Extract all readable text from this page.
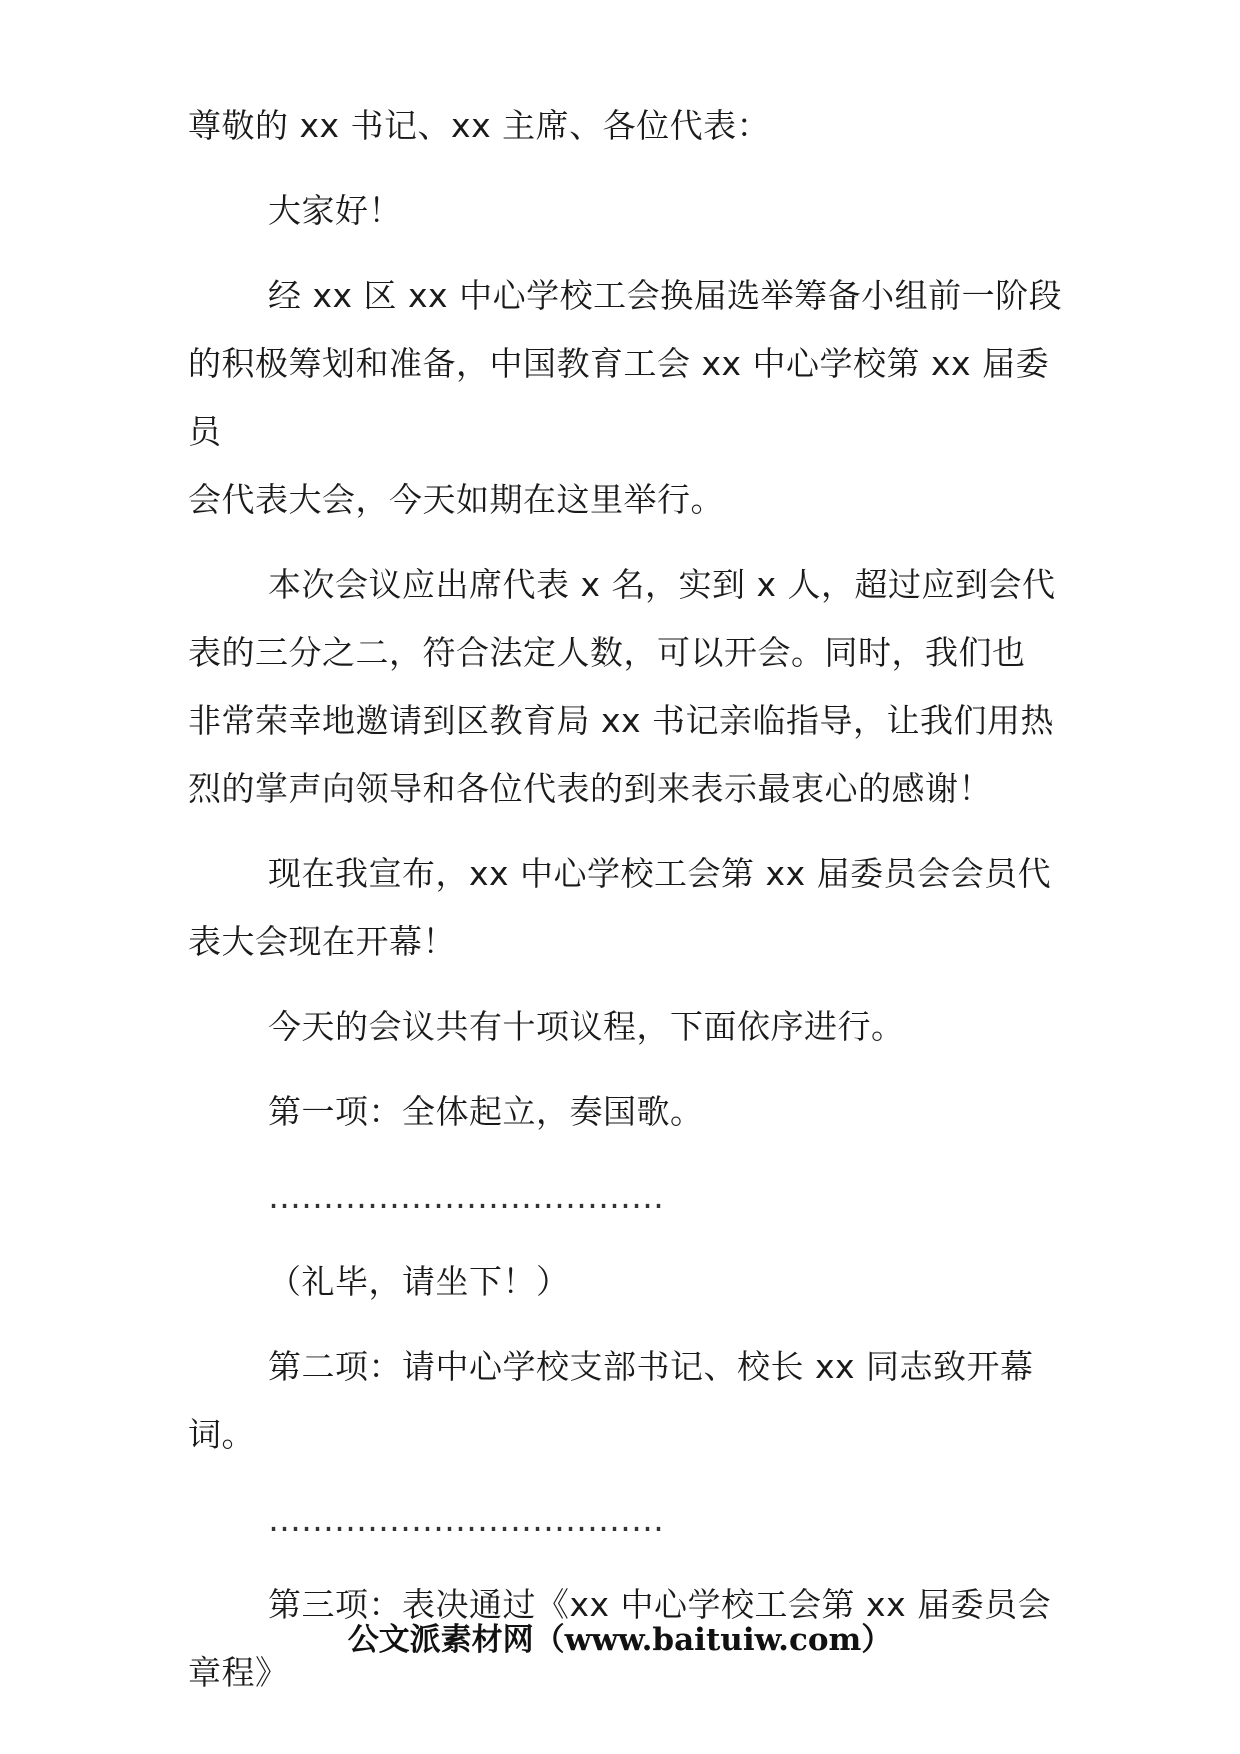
尊敬的 xx 书记、xx 主席、各位代表：

大家好！

经 xx 区 xx 中心学校工会换届选举筹备小组前一阶段
的积极筹划和准备，中国教育工会 xx 中心学校第 xx 届委员
会代表大会，今天如期在这里举行。

本次会议应出席代表 x 名，实到 x 人，超过应到会代
表的三分之二，符合法定人数，可以开会。同时，我们也
非常荣幸地邀请到区教育局 xx 书记亲临指导，让我们用热
烈的掌声向领导和各位代表的到来表示最衷心的感谢！

现在我宣布，xx 中心学校工会第 xx 届委员会会员代
表大会现在开幕！

今天的会议共有十项议程，下面依序进行。

第一项：全体起立，奏国歌。

………………………………

（礼毕，请坐下！）

第二项：请中心学校支部书记、校长 xx 同志致开幕词。

………………………………

第三项：表决通过《xx 中心学校工会第 xx 届委员会
章程》

公文派素材网（www.baituiw.com）
